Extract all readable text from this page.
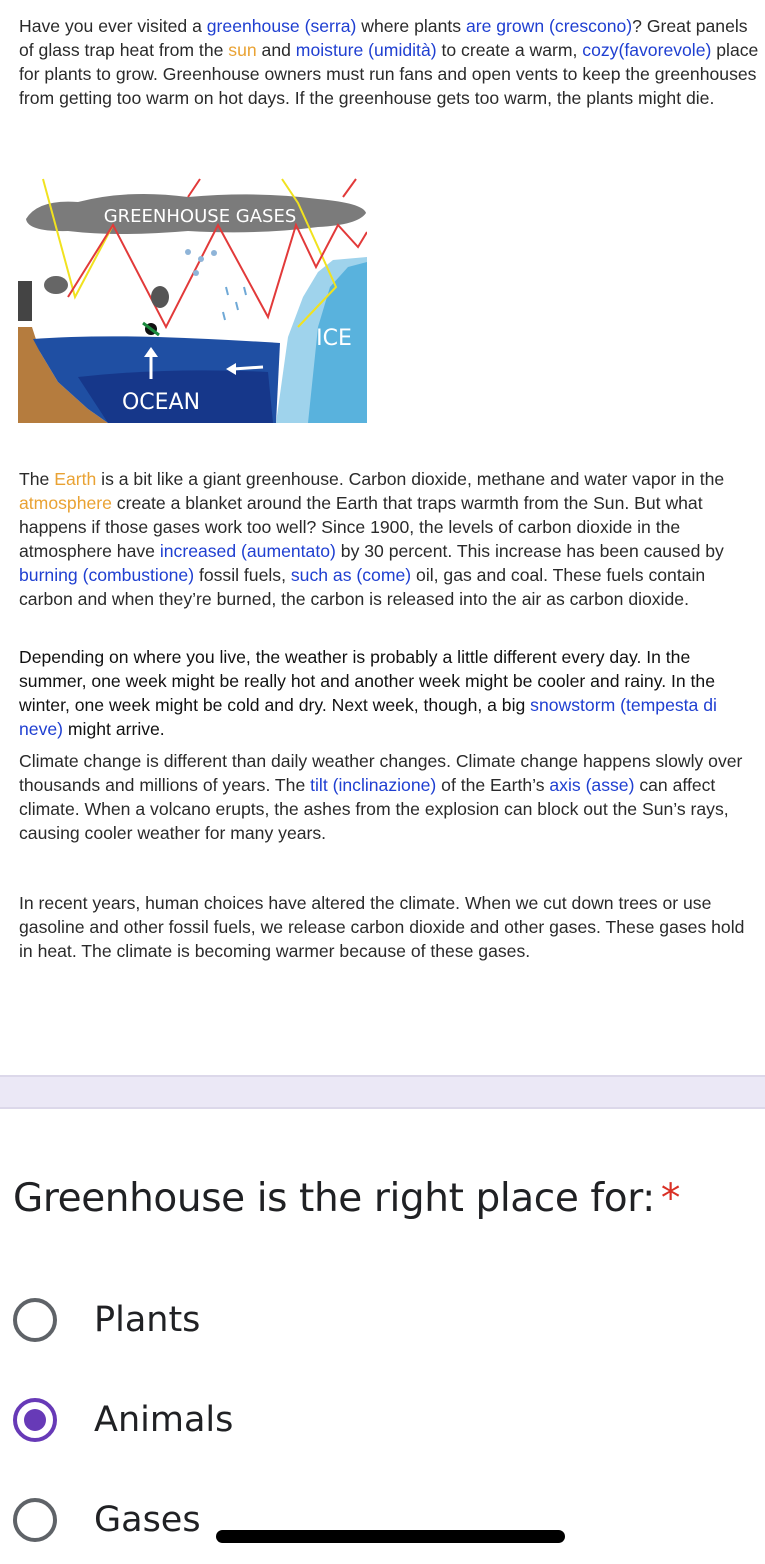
Have you ever visited a greenhouse (serra) where plants are grown (crescono)? Great panels of glass trap heat from the sun and moisture (umidità) to create a warm, cozy(favorevole) place for plants to grow. Greenhouse owners must run fans and open vents to keep the greenhouses from getting too warm on hot days. If the greenhouse gets too warm, the plants might die.
GREENHOUSE GASES
ICE
OCEAN
The Earth is a bit like a giant greenhouse. Carbon dioxide, methane and water vapor in the atmosphere create a blanket around the Earth that traps warmth from the Sun. But what happens if those gases work too well? Since 1900, the levels of carbon dioxide in the atmosphere have increased (aumentato) by 30 percent. This increase has been caused by burning (combustione) fossil fuels, such as (come) oil, gas and coal. These fuels contain carbon and when they’re burned, the carbon is released into the air as carbon dioxide.
Depending on where you live, the weather is probably a little different every day. In the summer, one week might be really hot and another week might be cooler and rainy. In the winter, one week might be cold and dry. Next week, though, a big snowstorm (tempesta di neve) might arrive.
Climate change is different than daily weather changes. Climate change happens slowly over thousands and millions of years. The tilt (inclinazione) of the Earth’s axis (asse) can affect climate. When a volcano erupts, the ashes from the explosion can block out the Sun’s rays, causing cooler weather for many years.
In recent years, human choices have altered the climate. When we cut down trees or use gasoline and other fossil fuels, we release carbon dioxide and other gases. These gases hold in heat. The climate is becoming warmer because of these gases.
Greenhouse is the right place for: *
Plants
Animals
Gases
